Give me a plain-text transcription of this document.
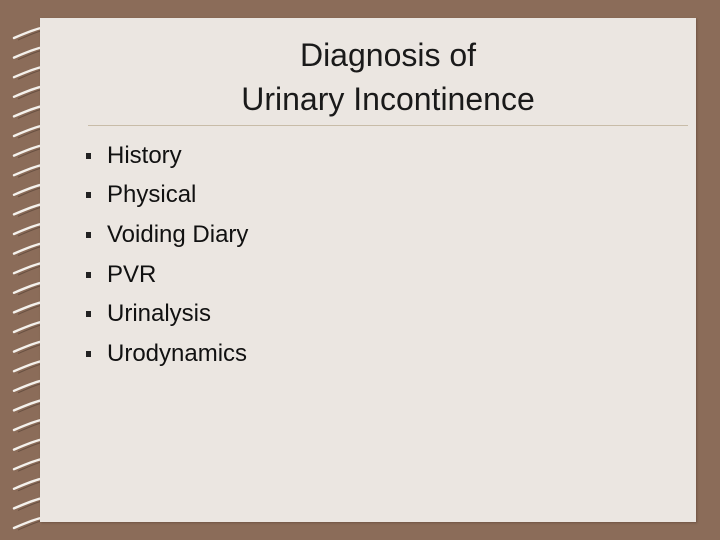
Diagnosis of
Urinary Incontinence
History
Physical
Voiding Diary
PVR
Urinalysis
Urodynamics
